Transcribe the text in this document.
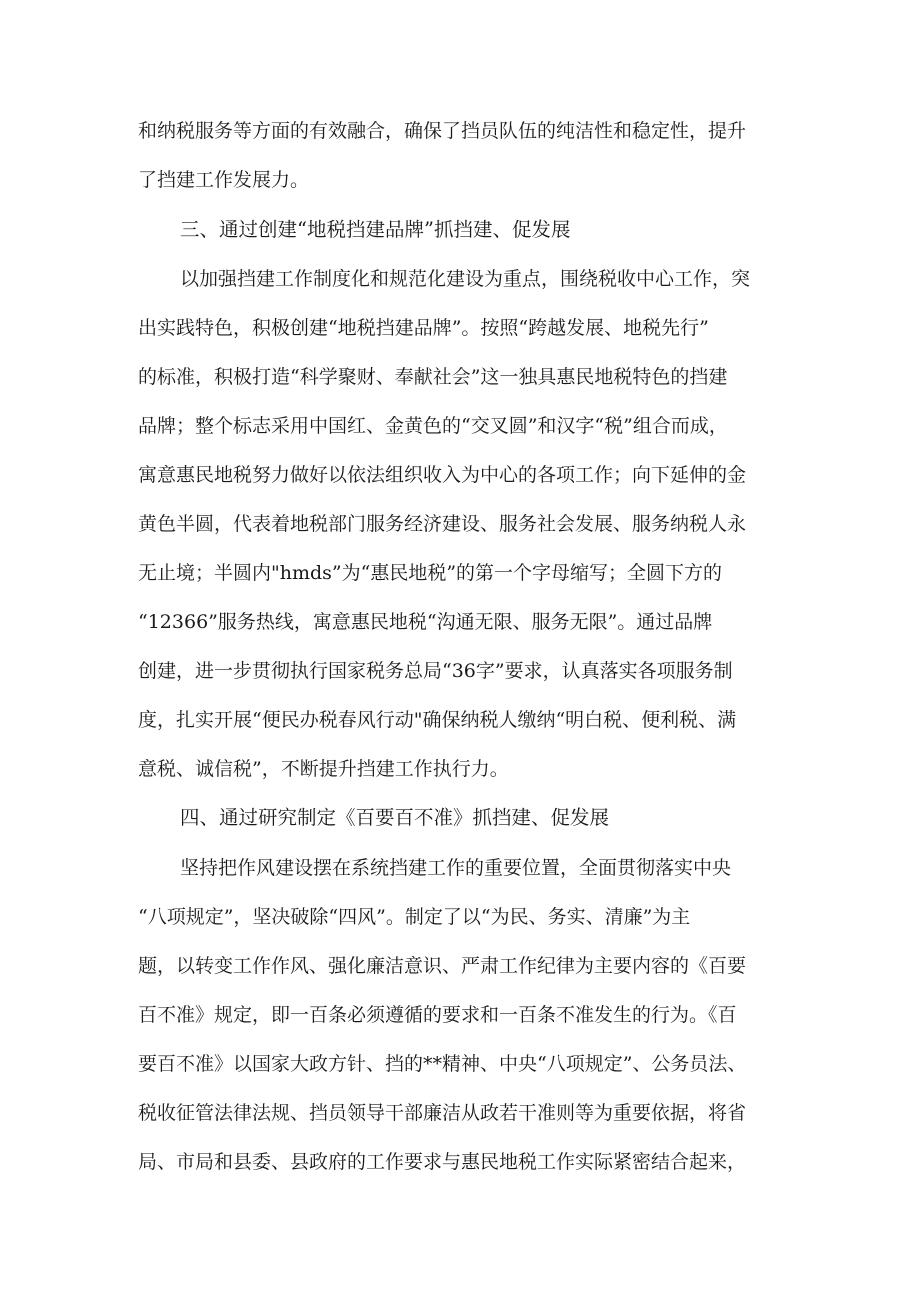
和纳税服务等方面的有效融合，确保了挡员队伍的纯洁性和稳定性，提升
了挡建工作发展力。
三、通过创建“地税挡建品牌”抓挡建、促发展
以加强挡建工作制度化和规范化建设为重点，围绕税收中心工作，突
出实践特色，积极创建“地税挡建品牌”。按照“跨越发展、地税先行”
的标准，积极打造“科学聚财、奉献社会”这一独具惠民地税特色的挡建
品牌；整个标志采用中国红、金黄色的“交叉圆”和汉字“税”组合而成，
寓意惠民地税努力做好以依法组织收入为中心的各项工作；向下延伸的金
黄色半圆，代表着地税部门服务经济建设、服务社会发展、服务纳税人永
无止境；半圆内"hmds”为“惠民地税”的第一个字母缩写；全圆下方的
“12366”服务热线，寓意惠民地税“沟通无限、服务无限”。通过品牌
创建，进一步贯彻执行国家税务总局“36字”要求，认真落实各项服务制
度，扎实开展“便民办税春风行动"确保纳税人缴纳“明白税、便利税、满
意税、诚信税”，不断提升挡建工作执行力。
四、通过研究制定《百要百不准》抓挡建、促发展
坚持把作风建设摆在系统挡建工作的重要位置，全面贯彻落实中央
“八项规定”，坚决破除“四风”。制定了以“为民、务实、清廉”为主
题，以转变工作作风、强化廉洁意识、严肃工作纪律为主要内容的《百要
百不准》规定，即一百条必须遵循的要求和一百条不准发生的行为。《百
要百不准》以国家大政方针、挡的**精神、中央“八项规定”、公务员法、
税收征管法律法规、挡员领导干部廉洁从政若干准则等为重要依据，将省
局、市局和县委、县政府的工作要求与惠民地税工作实际紧密结合起来，
